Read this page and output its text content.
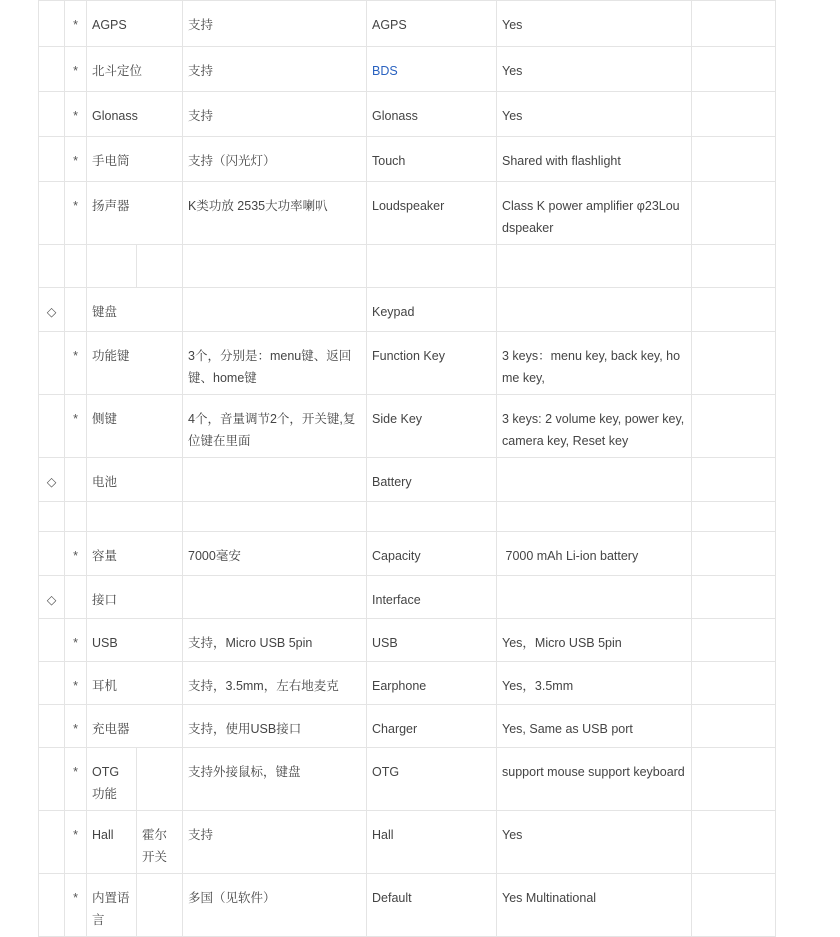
	*	AGPS		支持	AGPS	Yes	
	*	北斗定位		支持	BDS	Yes	
	*	Glonass		支持	Glonass	Yes	
	*	手电筒		支持（闪光灯）	Touch	Shared with flashlight	
	*	扬声器		K类功放 2535大功率喇叭	Loudspeaker	Class K power amplifier φ23Loudspeaker	

◇		键盘			Keypad		
	*	功能键		3个，分别是：menu键、返回键、home键	Function Key	3 keys：menu key, back key, home key,	
	*	侧键		4个，音量调节2个，开关键,复位键在里面	Side Key	3 keys: 2 volume key, power key, camera key, Reset key	
◇		电池			Battery		

	*	容量		7000毫安	Capacity	7000 mAh Li-ion battery	
◇		接口			Interface		
	*	USB		支持，Micro USB 5pin	USB	Yes，Micro USB 5pin	
	*	耳机		支持，3.5mm，左右地麦克	Earphone	Yes，3.5mm	
	*	充电器		支持，使用USB接口	Charger	Yes, Same as USB port	
	*	OTG功能		支持外接鼠标，键盘	OTG	support mouse support keyboard	
	*	Hall	霍尔开关	支持	Hall	Yes	
	*	内置语言		多国（见软件）	Default	Yes Multinational	
